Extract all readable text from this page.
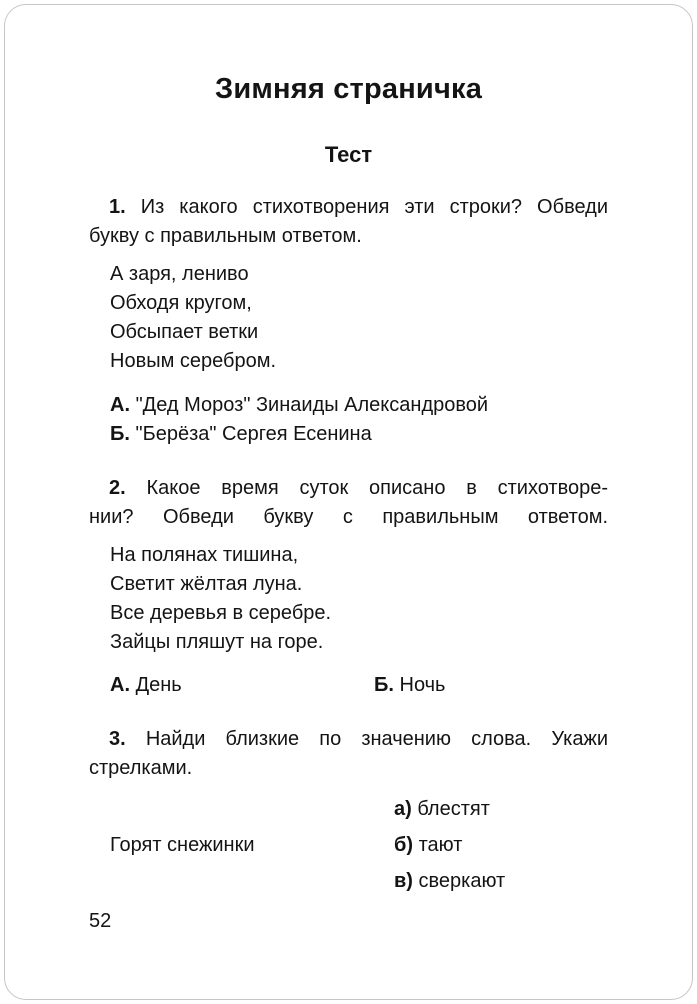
Зимняя страничка
Тест

1. Из какого стихотворения эти строки? Обведи

букву с правильным ответом.

А заря, лениво

Обходя кругом,

Обсыпает ветки

Новым серебром.

А. "Дед Мороз" Зинаиды Александровой

Б. "Берёза" Сергея Есенина

2. Какое время суток описано в стихотворе-

нии? Обведи букву с правильным ответом.

На полянах тишина,

Светит жёлтая луна.

Все деревья в серебре.

Зайцы пляшут на горе.

А. День	Б. Ночь

3. Найди близкие по значению слова. Укажи

стрелками.

Горят снежинки

а) блестят

б) тают

в) сверкают

52
